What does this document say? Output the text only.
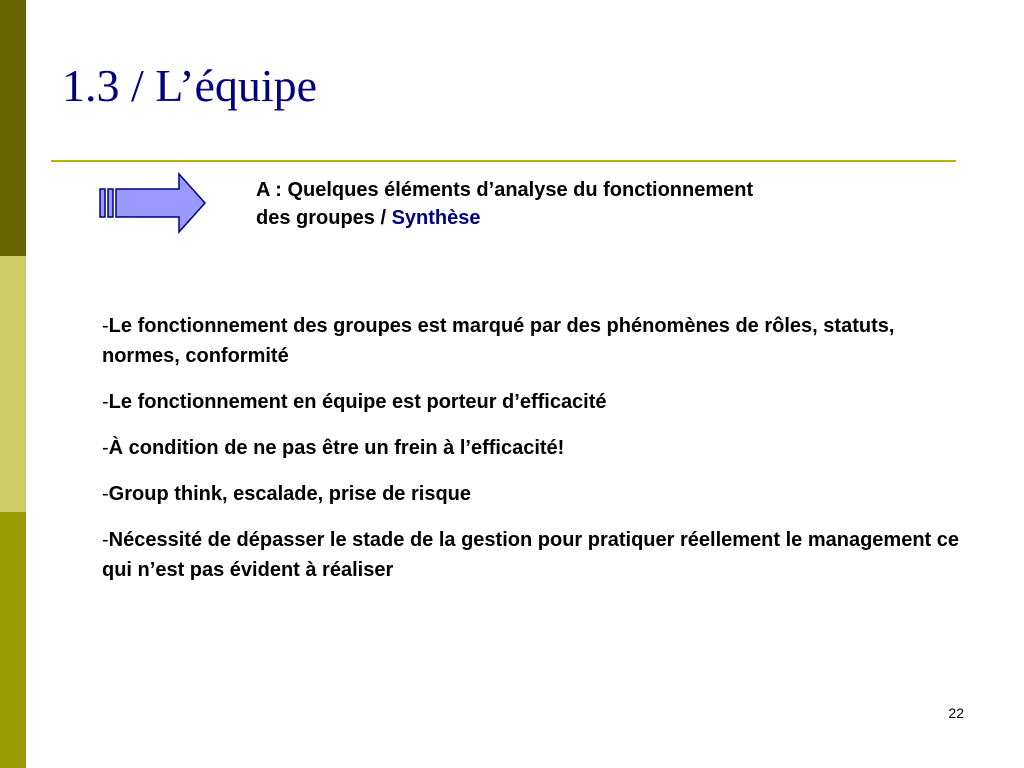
1.3 / L’équipe
A : Quelques éléments d’analyse du fonctionnement des groupes / Synthèse
-Le fonctionnement des groupes est marqué par des phénomènes de rôles, statuts, normes, conformité
-Le fonctionnement en équipe est porteur d’efficacité
-À condition de ne pas être un frein à l’efficacité!
-Group think, escalade, prise de risque
-Nécessité de dépasser le stade de la gestion pour pratiquer réellement le management ce qui n’est pas évident à réaliser
22
